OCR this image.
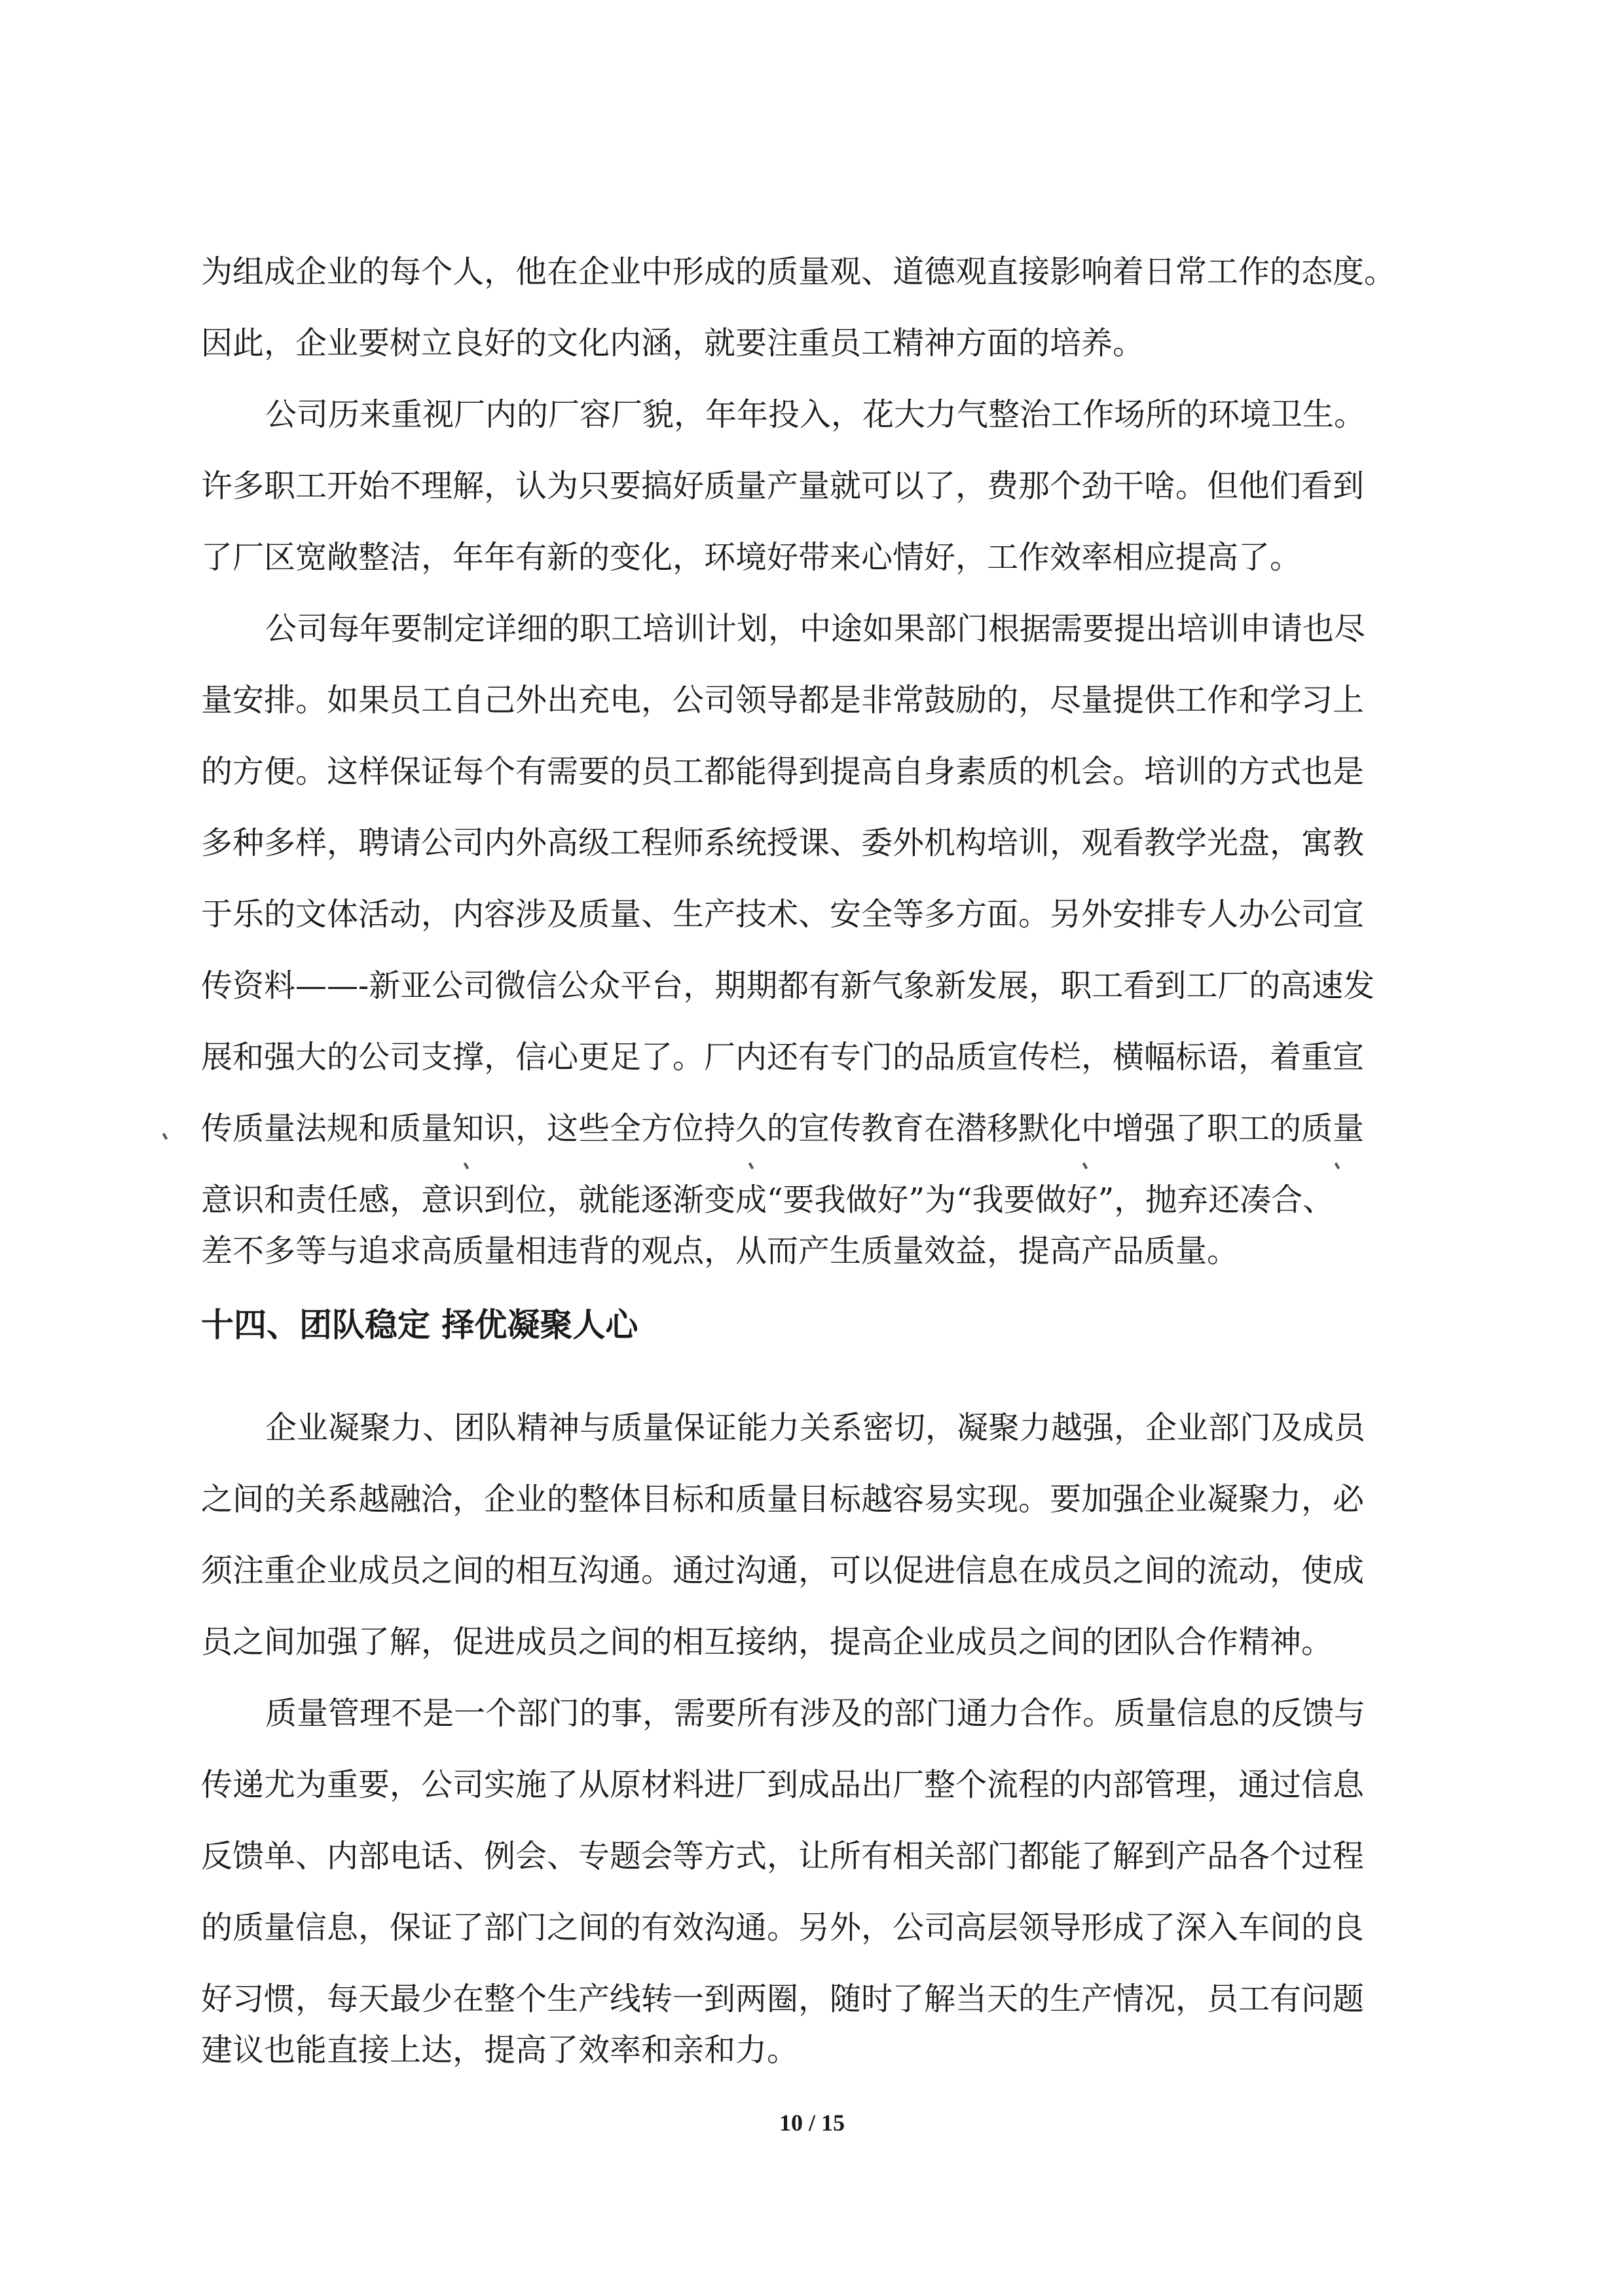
为组成企业的每个人，他在企业中形成的质量观、道德观直接影响着日常工作的态度。
因此，企业要树立良好的文化内涵，就要注重员工精神方面的培养。
公司历来重视厂内的厂容厂貌，年年投入，花大力气整治工作场所的环境卫生。
许多职工开始不理解，认为只要搞好质量产量就可以了，费那个劲干啥。但他们看到
了厂区宽敞整洁，年年有新的变化，环境好带来心情好，工作效率相应提高了。
公司每年要制定详细的职工培训计划，中途如果部门根据需要提出培训申请也尽
量安排。如果员工自己外出充电，公司领导都是非常鼓励的，尽量提供工作和学习上
的方便。这样保证每个有需要的员工都能得到提高自身素质的机会。培训的方式也是
多种多样，聘请公司内外高级工程师系统授课、委外机构培训，观看教学光盘，寓教
于乐的文体活动，内容涉及质量、生产技术、安全等多方面。另外安排专人办公司宣
传资料——-新亚公司微信公众平台，期期都有新气象新发展，职工看到工厂的高速发
展和强大的公司支撑，信心更足了。厂内还有专门的品质宣传栏，横幅标语，着重宣
传质量法规和质量知识，这些全方位持久的宣传教育在潜移默化中增强了职工的质量
意识和责任感，意识到位，就能逐渐变成“要我做好”为“我要做好”，抛弃还凑合、
差不多等与追求高质量相违背的观点，从而产生质量效益，提高产品质量。
十四、团队稳定 择优凝聚人心
企业凝聚力、团队精神与质量保证能力关系密切，凝聚力越强，企业部门及成员
之间的关系越融洽，企业的整体目标和质量目标越容易实现。要加强企业凝聚力，必
须注重企业成员之间的相互沟通。通过沟通，可以促进信息在成员之间的流动，使成
员之间加强了解，促进成员之间的相互接纳，提高企业成员之间的团队合作精神。
质量管理不是一个部门的事，需要所有涉及的部门通力合作。质量信息的反馈与
传递尤为重要，公司实施了从原材料进厂到成品出厂整个流程的内部管理，通过信息
反馈单、内部电话、例会、专题会等方式，让所有相关部门都能了解到产品各个过程
的质量信息，保证了部门之间的有效沟通。另外，公司高层领导形成了深入车间的良
好习惯，每天最少在整个生产线转一到两圈，随时了解当天的生产情况，员工有问题
建议也能直接上达，提高了效率和亲和力。
10 / 15
